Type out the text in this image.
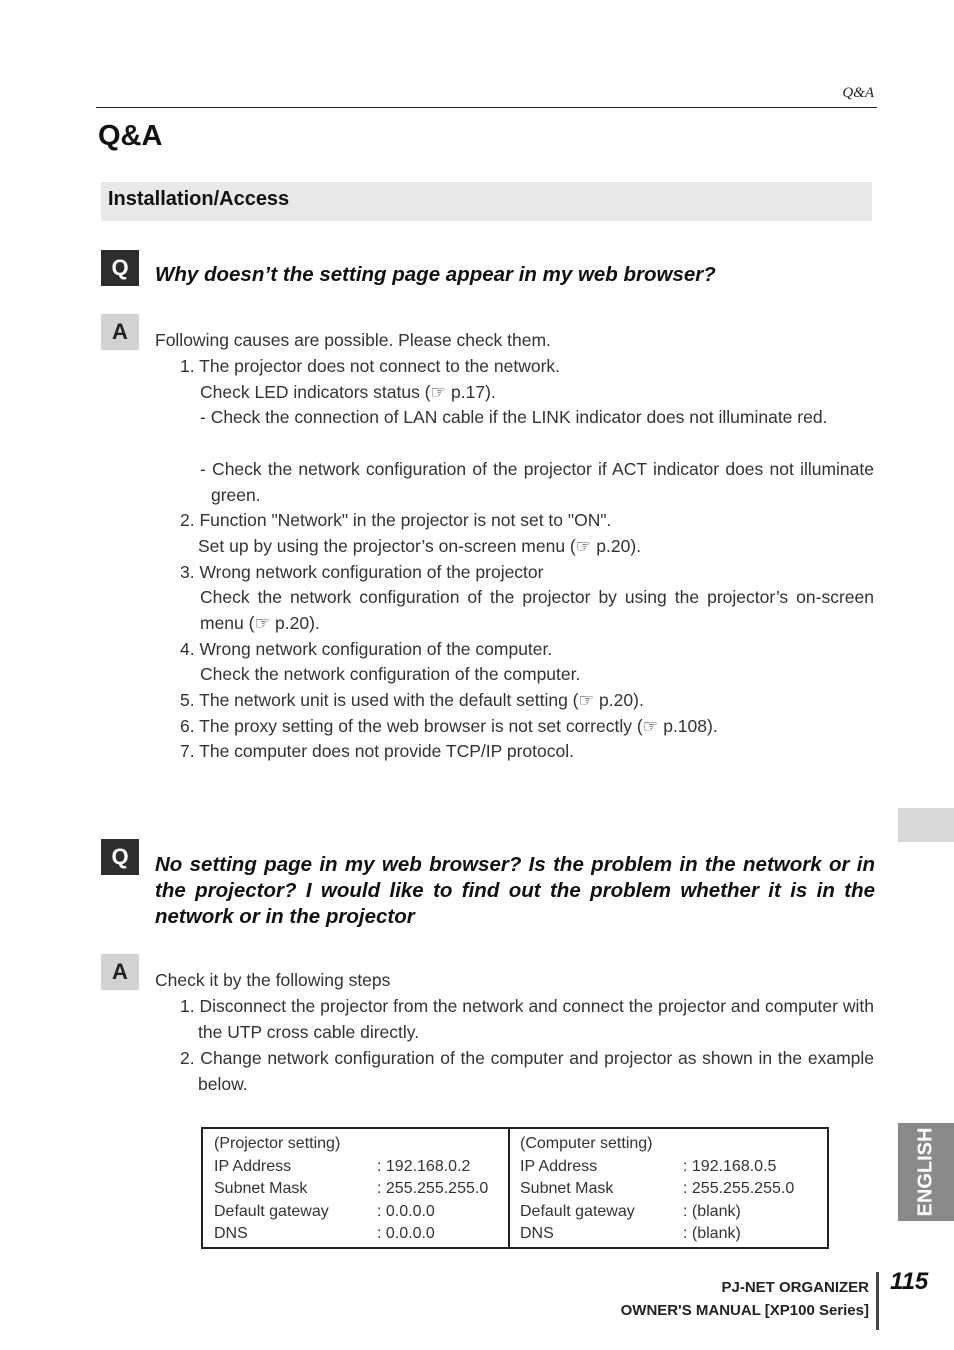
Q&A
Q&A
Installation/Access
Q	Why doesn’t the setting page appear in my web browser?
A	Following causes are possible. Please check them.
1. The projector does not connect to the network.
Check LED indicators status (☞ p.17).
- Check the connection of LAN cable if the LINK indicator does not illuminate red.
- Check the network configuration of the projector if ACT indicator does not illuminate green.
2. Function "Network" in the projector is not set to "ON".
Set up by using the projector’s on-screen menu (☞ p.20).
3. Wrong network configuration of the projector
Check the network configuration of the projector by using the projector’s on-screen menu (☞ p.20).
4. Wrong network configuration of the computer.
Check the network configuration of the computer.
5. The network unit is used with the default setting (☞ p.20).
6. The proxy setting of the web browser is not set correctly (☞ p.108).
7. The computer does not provide TCP/IP protocol.
Q	No setting page in my web browser? Is the problem in the network or in the projector? I would like to find out the problem whether it is in the network or in the projector
A	Check it by the following steps
1. Disconnect the projector from the network and connect the projector and computer with the UTP cross cable directly.
2. Change network configuration of the computer and projector as shown in the example below.
(Projector setting)
IP Address	: 192.168.0.2
Subnet Mask	: 255.255.255.0
Default gateway	: 0.0.0.0
DNS	: 0.0.0.0
(Computer setting)
IP Address	: 192.168.0.5
Subnet Mask	: 255.255.255.0
Default gateway	: (blank)
DNS	: (blank)
ENGLISH
PJ-NET ORGANIZER
OWNER'S MANUAL [XP100 Series]
115
